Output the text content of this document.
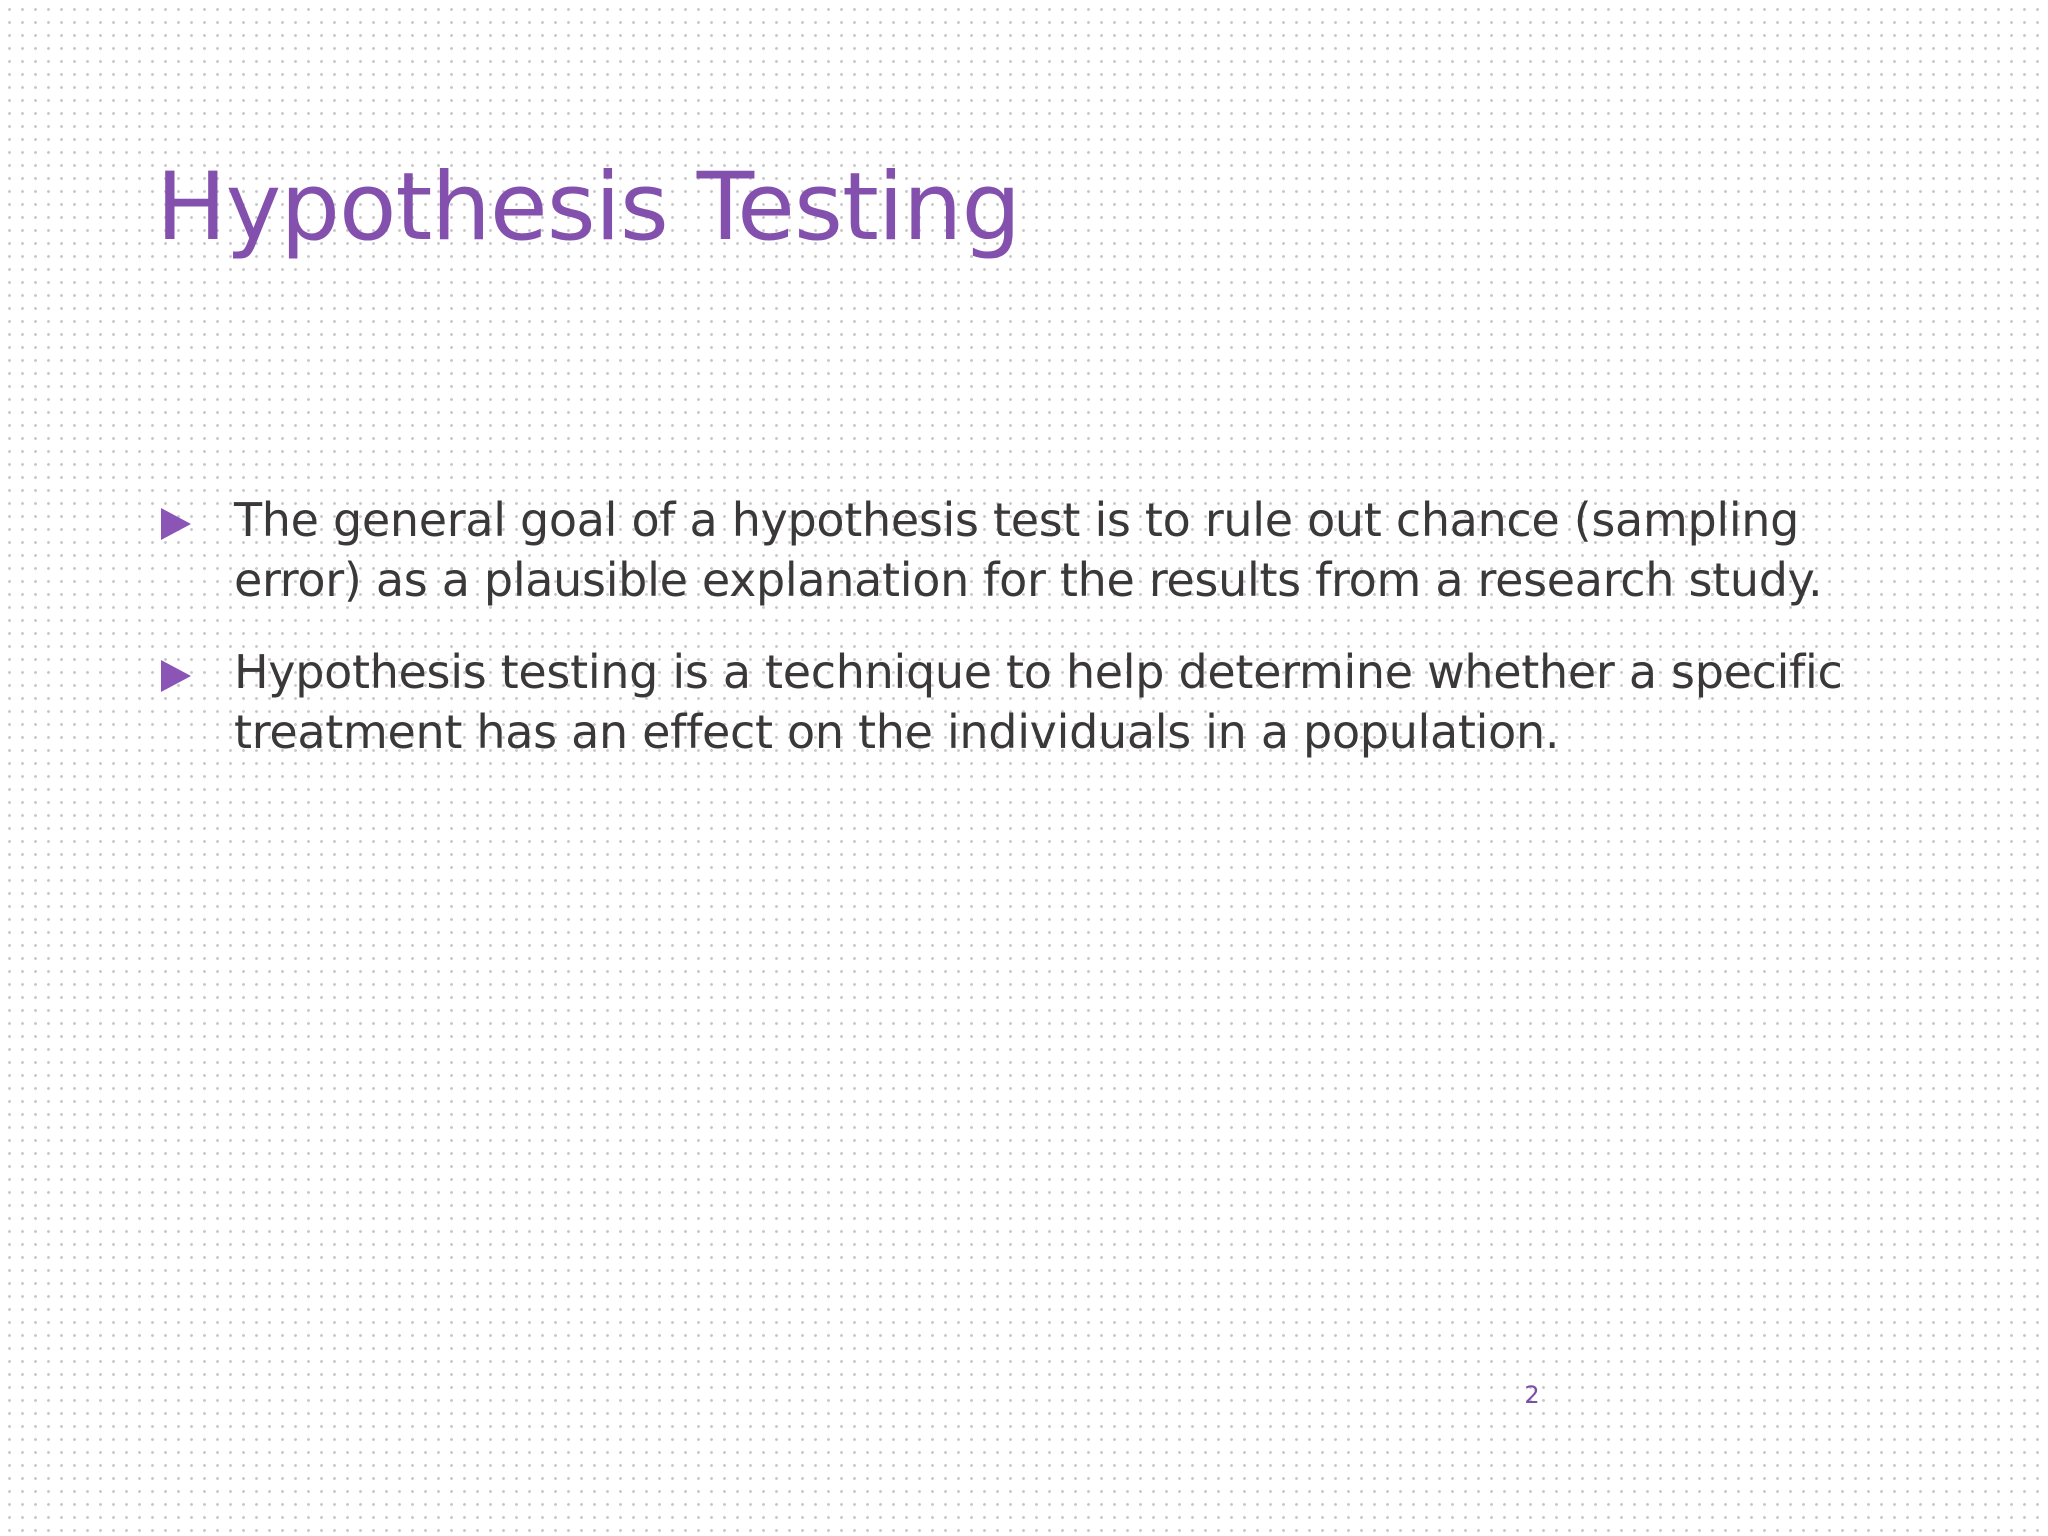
Hypothesis Testing
The general goal of a hypothesis test is to rule out chance (sampling error) as a plausible explanation for the results from a research study.
Hypothesis testing is a technique to help determine whether a specific treatment has an effect on the individuals in a population.
2
